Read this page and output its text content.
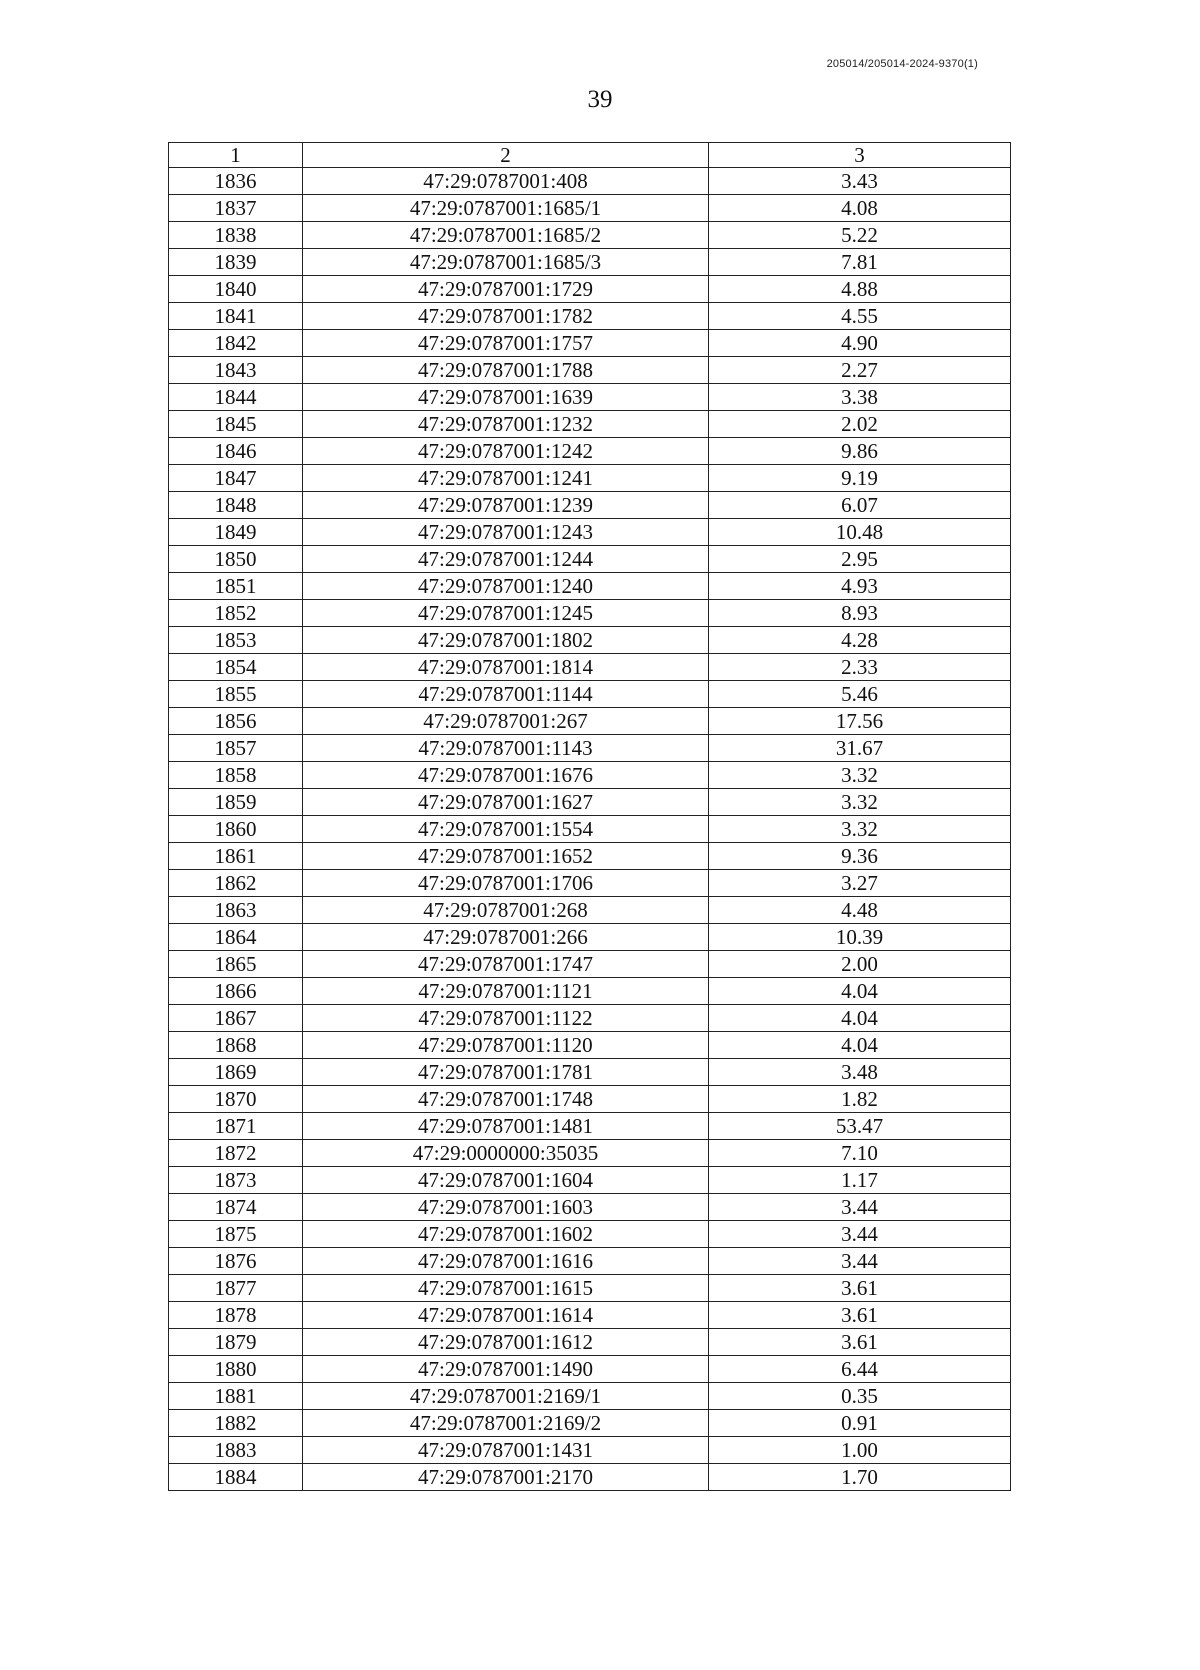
205014/205014-2024-9370(1)
39
1	2	3
1836	47:29:0787001:408	3.43
1837	47:29:0787001:1685/1	4.08
1838	47:29:0787001:1685/2	5.22
1839	47:29:0787001:1685/3	7.81
1840	47:29:0787001:1729	4.88
1841	47:29:0787001:1782	4.55
1842	47:29:0787001:1757	4.90
1843	47:29:0787001:1788	2.27
1844	47:29:0787001:1639	3.38
1845	47:29:0787001:1232	2.02
1846	47:29:0787001:1242	9.86
1847	47:29:0787001:1241	9.19
1848	47:29:0787001:1239	6.07
1849	47:29:0787001:1243	10.48
1850	47:29:0787001:1244	2.95
1851	47:29:0787001:1240	4.93
1852	47:29:0787001:1245	8.93
1853	47:29:0787001:1802	4.28
1854	47:29:0787001:1814	2.33
1855	47:29:0787001:1144	5.46
1856	47:29:0787001:267	17.56
1857	47:29:0787001:1143	31.67
1858	47:29:0787001:1676	3.32
1859	47:29:0787001:1627	3.32
1860	47:29:0787001:1554	3.32
1861	47:29:0787001:1652	9.36
1862	47:29:0787001:1706	3.27
1863	47:29:0787001:268	4.48
1864	47:29:0787001:266	10.39
1865	47:29:0787001:1747	2.00
1866	47:29:0787001:1121	4.04
1867	47:29:0787001:1122	4.04
1868	47:29:0787001:1120	4.04
1869	47:29:0787001:1781	3.48
1870	47:29:0787001:1748	1.82
1871	47:29:0787001:1481	53.47
1872	47:29:0000000:35035	7.10
1873	47:29:0787001:1604	1.17
1874	47:29:0787001:1603	3.44
1875	47:29:0787001:1602	3.44
1876	47:29:0787001:1616	3.44
1877	47:29:0787001:1615	3.61
1878	47:29:0787001:1614	3.61
1879	47:29:0787001:1612	3.61
1880	47:29:0787001:1490	6.44
1881	47:29:0787001:2169/1	0.35
1882	47:29:0787001:2169/2	0.91
1883	47:29:0787001:1431	1.00
1884	47:29:0787001:2170	1.70
